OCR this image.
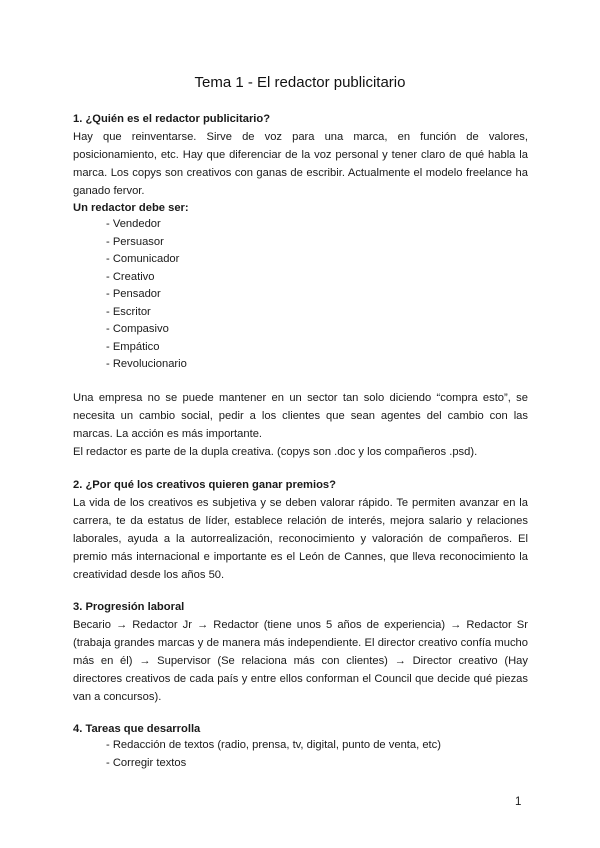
Tema 1 - El redactor publicitario
1. ¿Quién es el redactor publicitario?
Hay que reinventarse. Sirve de voz para una marca, en función de valores, posicionamiento, etc. Hay que diferenciar de la voz personal y tener claro de qué habla la marca. Los copys son creativos con ganas de escribir. Actualmente el modelo freelance ha ganado fervor.
Un redactor debe ser:
- Vendedor
- Persuasor
- Comunicador
- Creativo
- Pensador
- Escritor
- Compasivo
- Empático
- Revolucionario
Una empresa no se puede mantener en un sector tan solo diciendo “compra esto”, se necesita un cambio social, pedir a los clientes que sean agentes del cambio con las marcas. La acción es más importante.
El redactor es parte de la dupla creativa. (copys son .doc y los compañeros .psd).
2. ¿Por qué los creativos quieren ganar premios?
La vida de los creativos es subjetiva y se deben valorar rápido. Te permiten avanzar en la carrera, te da estatus de líder, establece relación de interés, mejora salario y relaciones laborales, ayuda a la autorrealización, reconocimiento y valoración de compañeros. El premio más internacional e importante es el León de Cannes, que lleva reconocimiento la creatividad desde los años 50.
3. Progresión laboral
Becario → Redactor Jr → Redactor (tiene unos 5 años de experiencia) → Redactor Sr (trabaja grandes marcas y de manera más independiente. El director creativo confía mucho más en él) → Supervisor (Se relaciona más con clientes) → Director creativo (Hay directores creativos de cada país y entre ellos conforman el Council que decide qué piezas van a concursos).
4. Tareas que desarrolla
- Redacción de textos (radio, prensa, tv, digital, punto de venta, etc)
- Corregir textos
1
